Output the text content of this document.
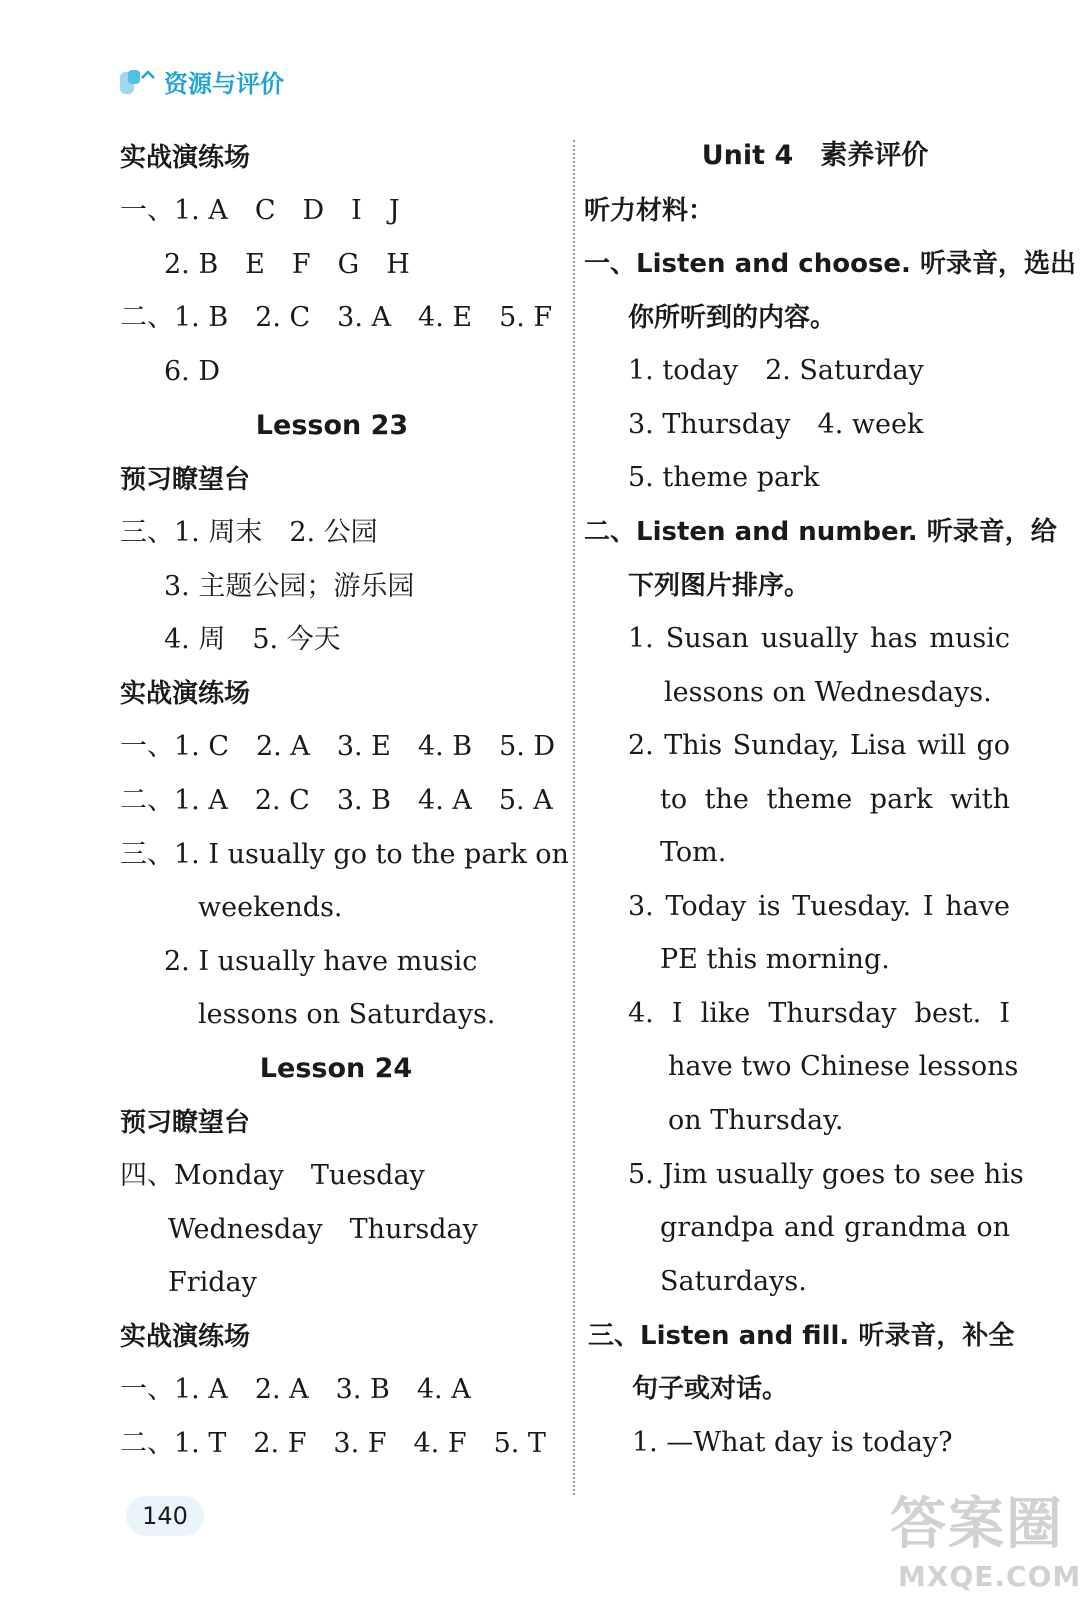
资源与评价
实战演练场
一、1. A　C　D　I　J
2. B　E　F　G　H
二、1. B　2. C　3. A　4. E　5. F
6. D
Lesson 23
预习瞭望台
三、1. 周末　2. 公园
3. 主题公园；游乐园
4. 周　5. 今天
实战演练场
一、1. C　2. A　3. E　4. B　5. D
二、1. A　2. C　3. B　4. A　5. A
三、1. I usually go to the park on
weekends.
2. I usually have music
lessons on Saturdays.
Lesson 24
预习瞭望台
四、Monday　Tuesday
Wednesday　Thursday
Friday
实战演练场
一、1. A　2. A　3. B　4. A
二、1. T　2. F　3. F　4. F　5. T
Unit 4　素养评价
听力材料：
一、Listen and choose. 听录音，选出
你所听到的内容。
1. today　2. Saturday
3. Thursday　4. week
5. theme park
二、Listen and number. 听录音，给
下列图片排序。
1. Susan usually has music
lessons on Wednesdays.
2. This Sunday, Lisa will go
to the theme park with
Tom.
3. Today is Tuesday. I have
PE this morning.
4. I like Thursday best. I
have two Chinese lessons
on Thursday.
5. Jim usually goes to see his
grandpa and grandma on
Saturdays.
三、Listen and fill. 听录音，补全
句子或对话。
1. —What day is today?
140	答案圈
MXQE.COM
